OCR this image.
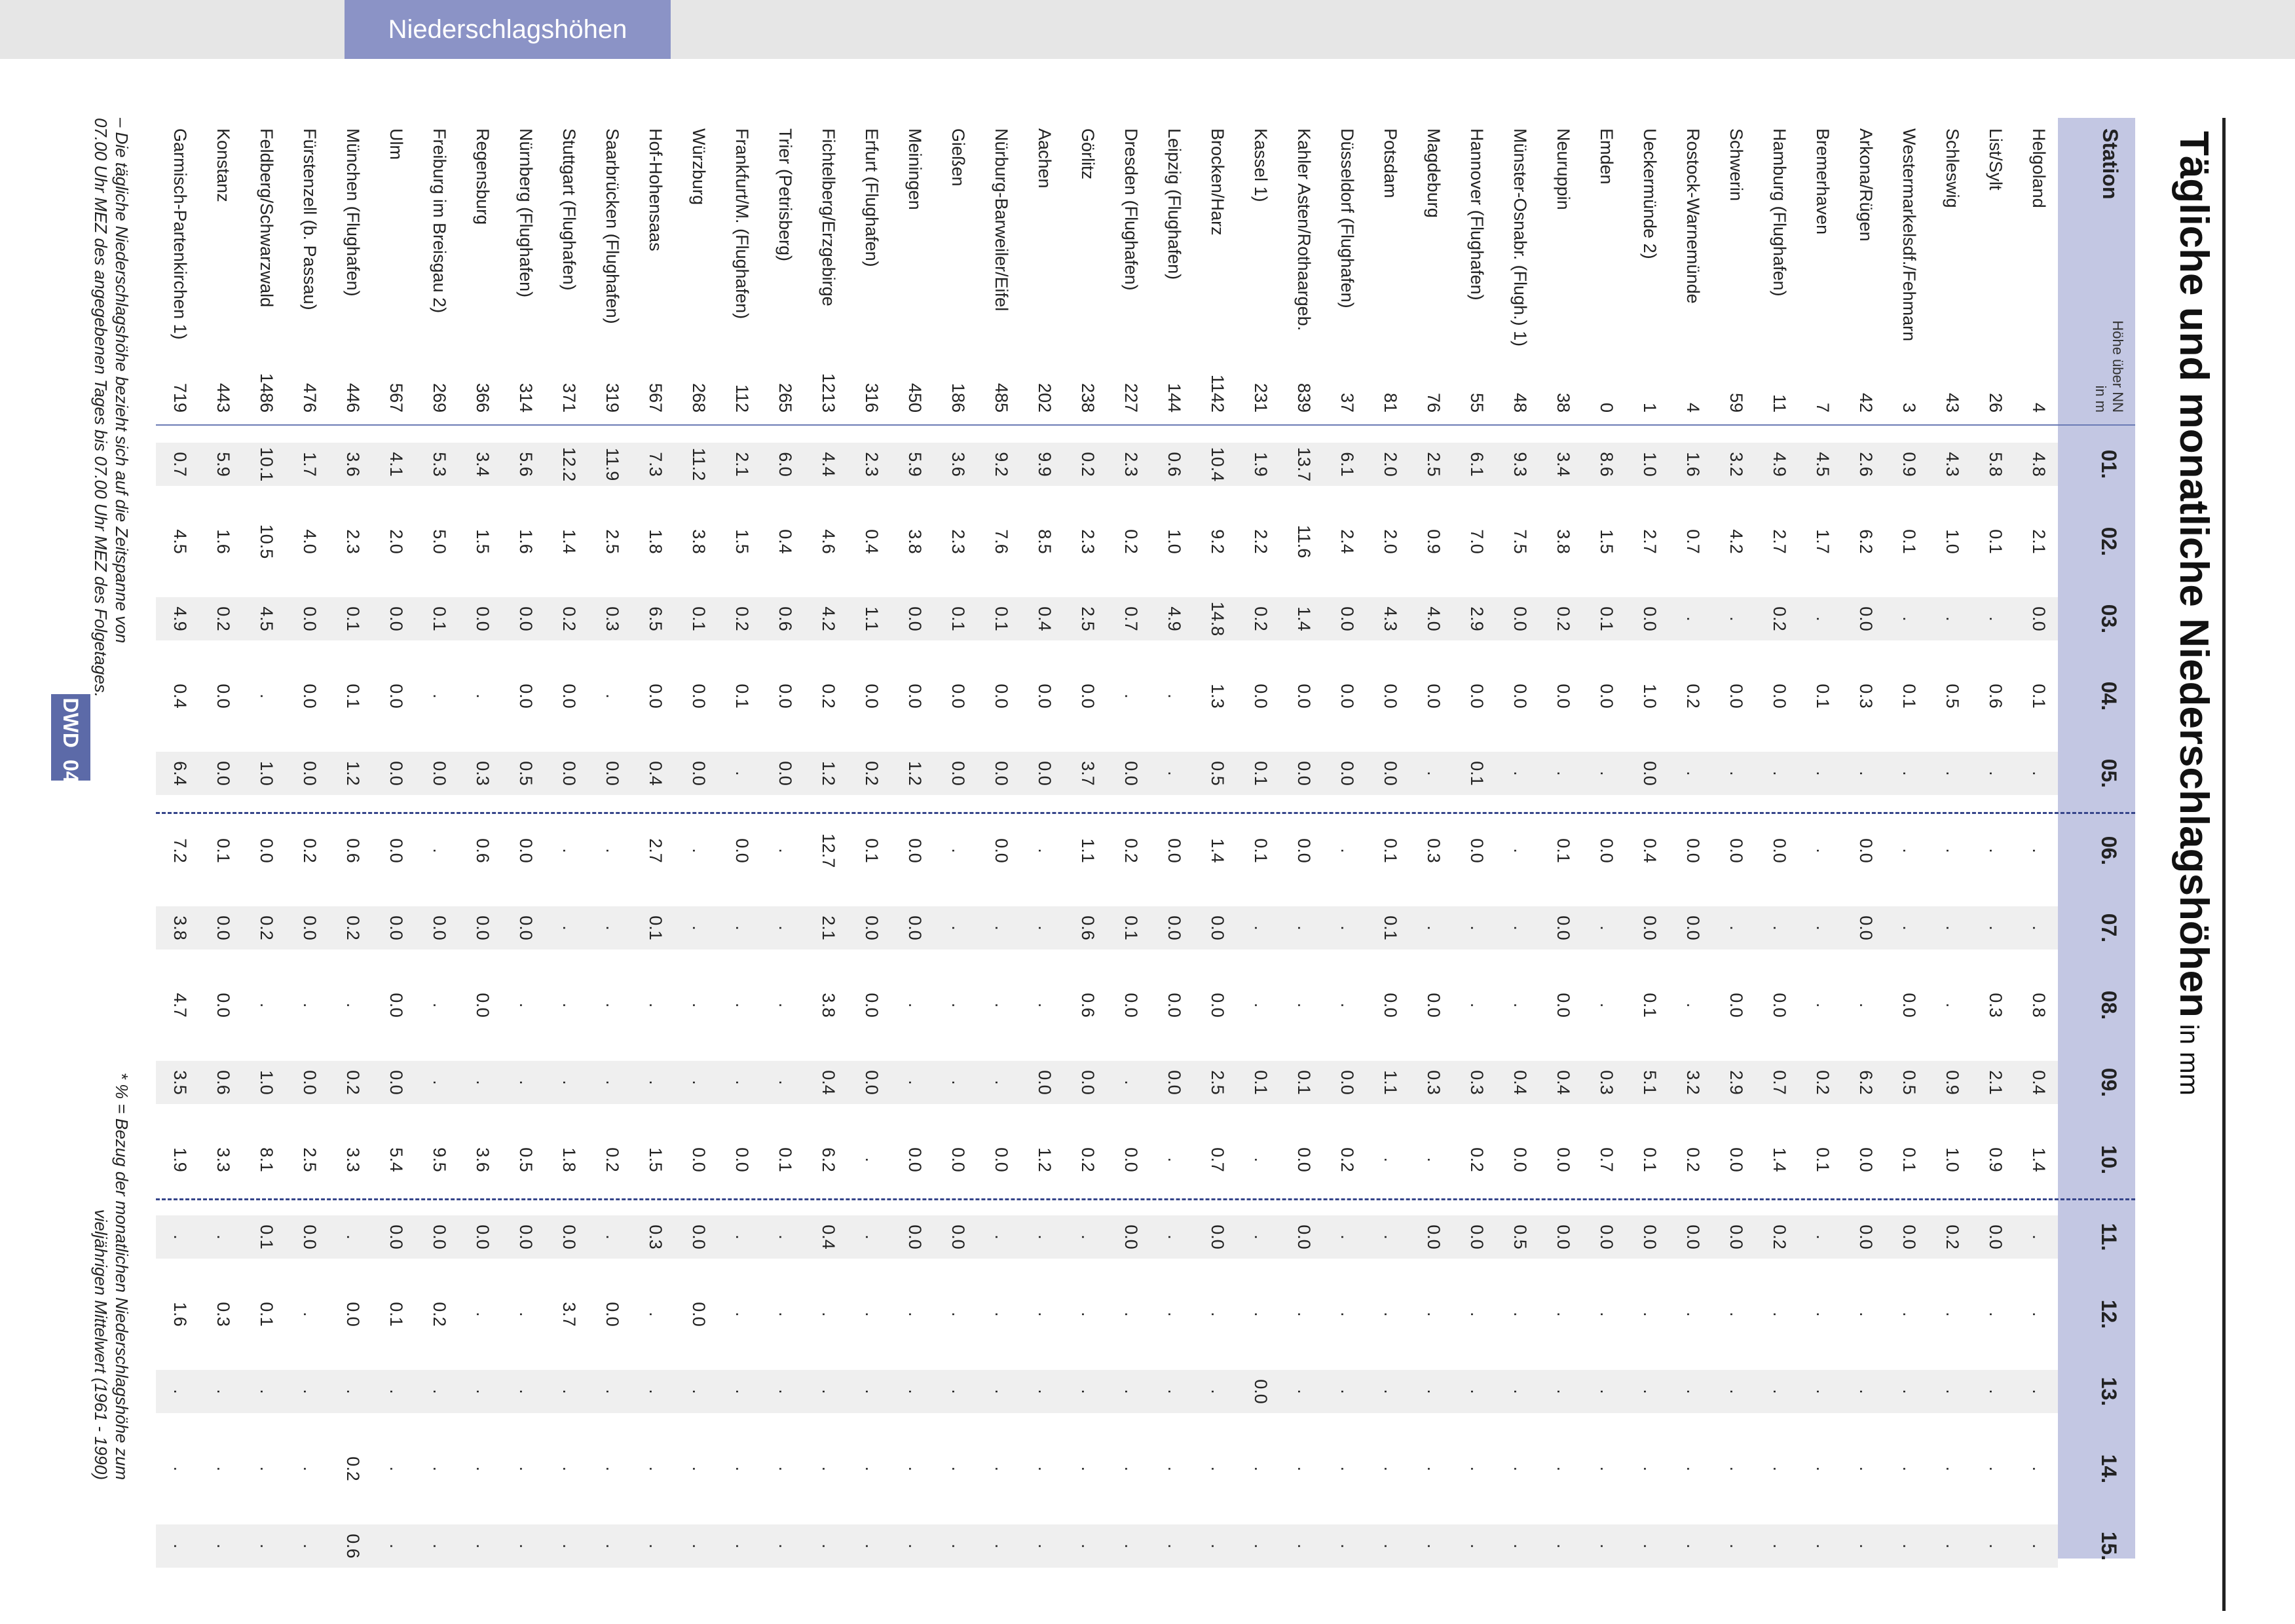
Niederschlagshöhen
Tägliche und monatliche Niederschlagshöhenin mm
Station
Höhe über NN in m
01.
02.
03.
04.
05.
06.
07.
08.
09.
10.
11.
12.
13.
14.
15.
Helgoland
4
4.8
2.1
0.0
0.1
.
.
.
0.8
0.4
1.4
.
.
.
.
.
List/Sylt
26
5.8
0.1
.
0.6
.
.
.
0.3
2.1
0.9
0.0
.
.
.
.
Schleswig
43
4.3
1.0
.
0.5
.
.
.
.
0.9
1.0
0.2
.
.
.
.
Westermarkelsdf./Fehmarn
3
0.9
0.1
.
0.1
.
.
.
0.0
0.5
0.1
0.0
.
.
.
.
Arkona/Rügen
42
2.6
6.2
0.0
0.3
.
0.0
0.0
.
6.2
0.0
0.0
.
.
.
.
Bremerhaven
7
4.5
1.7
.
0.1
.
.
.
.
0.2
0.1
.
.
.
.
.
Hamburg (Flughafen)
11
4.9
2.7
0.2
0.0
.
0.0
.
0.0
0.7
1.4
0.2
.
.
.
.
Schwerin
59
3.2
4.2
.
0.0
.
0.0
.
0.0
2.9
0.0
0.0
.
.
.
.
Rostock-Warnemünde
4
1.6
0.7
.
0.2
.
0.0
0.0
.
3.2
0.2
0.0
.
.
.
.
Ueckermünde 2)
1
1.0
2.7
0.0
1.0
0.0
0.4
0.0
0.1
5.1
0.1
0.0
.
.
.
.
Emden
0
8.6
1.5
0.1
0.0
.
0.0
.
.
0.3
0.7
0.0
.
.
.
.
Neuruppin
38
3.4
3.8
0.2
0.0
.
0.1
0.0
0.0
0.4
0.0
0.0
.
.
.
.
Münster-Osnabr. (Flugh.) 1)
48
9.3
7.5
0.0
0.0
.
.
.
.
0.4
0.0
0.5
.
.
.
.
Hannover (Flughafen)
55
6.1
7.0
2.9
0.0
0.1
0.0
.
.
0.3
0.2
0.0
.
.
.
.
Magdeburg
76
2.5
0.9
4.0
0.0
.
0.3
.
0.0
0.3
.
0.0
.
.
.
.
Potsdam
81
2.0
2.0
4.3
0.0
0.0
0.1
0.1
0.0
1.1
.
.
.
.
.
.
Düsseldorf (Flughafen)
37
6.1
2.4
0.0
0.0
0.0
.
.
.
0.0
0.2
.
.
.
.
.
Kahler Asten/Rothaargeb.
839
13.7
11.6
1.4
0.0
0.0
0.0
.
.
0.1
0.0
0.0
.
.
.
.
Kassel 1)
231
1.9
2.2
0.2
0.0
0.1
0.1
.
.
0.1
.
.
.
0.0
.
.
Brocken/Harz
1142
10.4
9.2
14.8
1.3
0.5
1.4
0.0
0.0
2.5
0.7
0.0
.
.
.
.
Leipzig (Flughafen)
144
0.6
1.0
4.9
.
.
0.0
0.0
0.0
0.0
.
.
.
.
.
.
Dresden (Flughafen)
227
2.3
0.2
0.7
.
0.0
0.2
0.1
0.0
.
0.0
0.0
.
.
.
.
Görlitz
238
0.2
2.3
2.5
0.0
3.7
1.1
0.6
0.6
0.0
0.2
.
.
.
.
.
Aachen
202
9.9
8.5
0.4
0.0
0.0
.
.
.
0.0
1.2
.
.
.
.
.
Nürburg-Barweiler/Eifel
485
9.2
7.6
0.1
0.0
0.0
0.0
.
.
.
0.0
.
.
.
.
.
Gießen
186
3.6
2.3
0.1
0.0
0.0
.
.
.
.
0.0
0.0
.
.
.
.
Meiningen
450
5.9
3.8
0.0
0.0
1.2
0.0
0.0
.
.
0.0
0.0
.
.
.
.
Erfurt (Flughafen)
316
2.3
0.4
1.1
0.0
0.2
0.1
0.0
0.0
0.0
.
.
.
.
.
.
Fichtelberg/Erzgebirge
1213
4.4
4.6
4.2
0.2
1.2
12.7
2.1
3.8
0.4
6.2
0.4
.
.
.
.
Trier (Petrisberg)
265
6.0
0.4
0.6
0.0
0.0
.
.
.
.
0.1
.
.
.
.
.
Frankfurt/M. (Flughafen)
112
2.1
1.5
0.2
0.1
.
0.0
.
.
.
0.0
.
.
.
.
.
Würzburg
268
11.2
3.8
0.1
0.0
0.0
.
.
.
.
0.0
0.0
0.0
.
.
.
Hof-Hohensaas
567
7.3
1.8
6.5
0.0
0.4
2.7
0.1
.
.
1.5
0.3
.
.
.
.
Saarbrücken (Flughafen)
319
11.9
2.5
0.3
.
0.0
.
.
.
.
0.2
.
0.0
.
.
.
Stuttgart (Flughafen)
371
12.2
1.4
0.2
0.0
0.0
.
.
.
.
1.8
0.0
3.7
.
.
.
Nürnberg (Flughafen)
314
5.6
1.6
0.0
0.0
0.5
0.0
0.0
.
.
0.5
0.0
.
.
.
.
Regensburg
366
3.4
1.5
0.0
.
0.3
0.6
0.0
0.0
.
3.6
0.0
.
.
.
.
Freiburg im Breisgau 2)
269
5.3
5.0
0.1
.
0.0
.
0.0
.
.
9.5
0.0
0.2
.
.
.
Ulm
567
4.1
2.0
0.0
0.0
0.0
0.0
0.0
0.0
0.0
5.4
0.0
0.1
.
.
.
München (Flughafen)
446
3.6
2.3
0.1
0.1
1.2
0.6
0.2
.
0.2
3.3
.
0.0
.
0.2
0.6
Fürstenzell (b. Passau)
476
1.7
4.0
0.0
0.0
0.0
0.2
0.0
.
0.0
2.5
0.0
.
.
.
.
Feldberg/Schwarzwald
1486
10.1
10.5
4.5
.
1.0
0.0
0.2
.
1.0
8.1
0.1
0.1
.
.
.
Konstanz
443
5.9
1.6
0.2
0.0
0.0
0.1
0.0
0.0
0.6
3.3
.
0.3
.
.
.
Garmisch-Partenkirchen 1)
719
0.7
4.5
4.9
0.4
6.4
7.2
3.8
4.7
3.5
1.9
.
1.6
.
.
.
– Die tägliche Niederschlagshöhe bezieht sich auf die Zeitspanne von
07.00 Uhr MEZ des angegebenen Tages bis 07.00 Uhr MEZ des Folgetages.
* % = Bezug der monatlichen Niederschlagshöhe zum
vieljährigen Mittelwert (1961 - 1990)
20
DWD
04/03
